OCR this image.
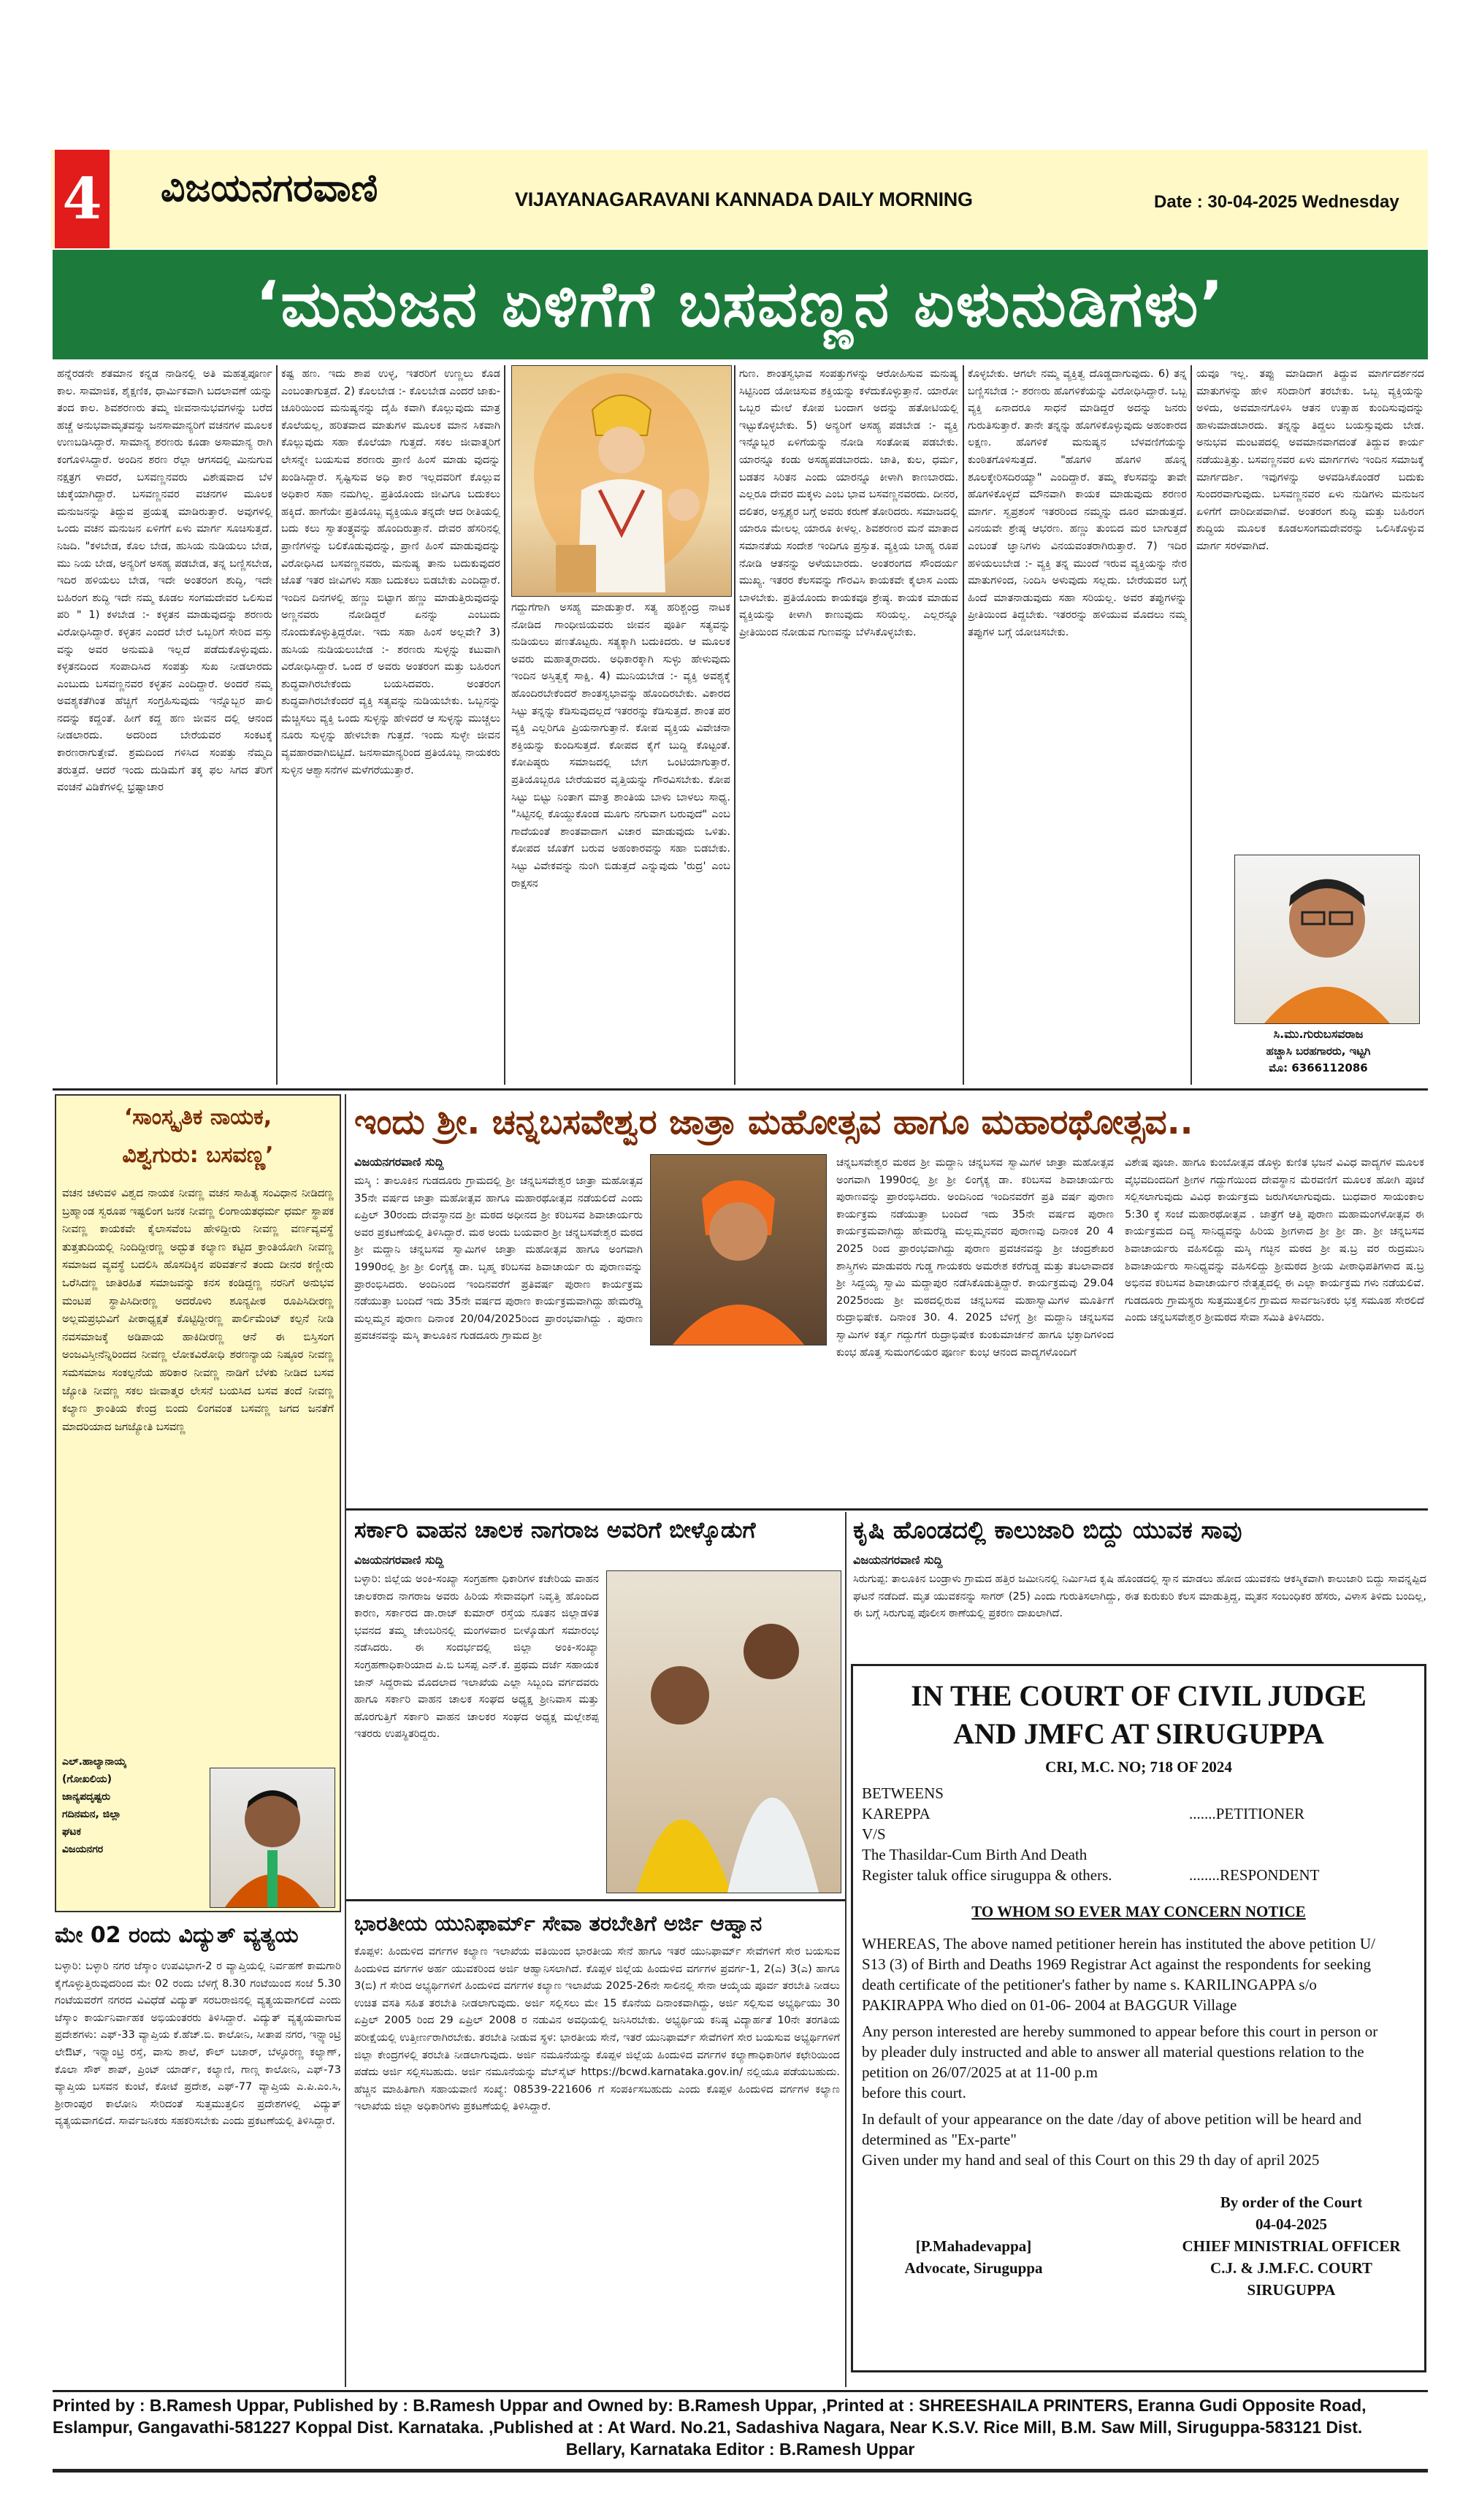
4 ವಿಜಯನಗರವಾಣಿ	VIJAYANAGARAVANI KANNADA DAILY MORNING	Date : 30-04-2025 Wednesday
‘ಮನುಜನ ಏಳಿಗೆಗೆ ಬಸವಣ್ಣನ ಏಳುನುಡಿಗಳು’
ಹನ್ನೆರಡನೇ ಶತಮಾನ ಕನ್ನಡ ನಾಡಿನಲ್ಲಿ ಅತಿ ಮಹತ್ವಪೂರ್ಣ ಕಾಲ. ಸಾಮಾಜಿಕ, ಶೈಕ್ಷಣಿಕ, ಧಾರ್ಮಿಕವಾಗಿ ಬದಲಾವಣೆ ಯನ್ನು ತಂದ ಕಾಲ. ಶಿವಶರಣರು ತಮ್ಮ ಜೀವನಾನುಭವಗಳನ್ನು ಬರೆದ ಹಚ್ಚೆ ಅನುಭವಾಮೃತವನ್ನು ಜನಸಾಮಾನ್ಯರಿಗೆ ವಚನಗಳ ಮೂಲಕ ಉಣಬಡಿಸಿದ್ದಾರೆ. ಸಾಮಾನ್ಯ ಶರಣರು ಕೂಡಾ ಅಸಾಮಾನ್ಯ ರಾಗಿ ಕಂಗೊಳಿಸಿದ್ದಾರೆ. ಅಂದಿನ ಶರಣ ರೆಲ್ಲಾ ಆಗಸದಲ್ಲಿ ಮಿನುಗುವ ನಕ್ಷತ್ರಗ ಳಾದರೆ, ಬಸವಣ್ಣನವರು ವಿಶೇಷವಾದ ಬೆಳ ಚುಕ್ಕೆಯಾಗಿದ್ದಾರೆ. ಬಸವಣ್ಣನವರ ವಚನಗಳ ಮೂಲಕ ಮನುಜನನ್ನು ತಿದ್ದುವ ಪ್ರಯತ್ನ ಮಾಡಿರುತ್ತಾರೆ. ಅವುಗಳಲ್ಲಿ ಒಂದು ವಚನ ಮನುಜನ ಏಳಿಗೆಗೆ ಏಳು ಮಾರ್ಗ ಸೂಚಿಸುತ್ತದೆ. ನಿಜದಿ. "ಕಳಬೇಡ, ಕೊಲ ಬೇಡ, ಹುಸಿಯ ನುಡಿಯಲು ಬೇಡ, ಮು ನಿಯ ಬೇಡ, ಅನ್ಯರಿಗೆ ಅಸಹ್ಯ ಪಡಬೇಡ, ತನ್ನ ಬಣ್ಣಿಸಬೇಡ, ಇದಿರ ಹಳಿಯಲು ಬೇಡ, ಇದೇ ಅಂತರಂಗ ಶುದ್ಧಿ, ಇದೇ ಬಹಿರಂಗ ಶುದ್ಧಿ ಇದೇ ನಮ್ಮ ಕೂಡಲ ಸಂಗಮದೇವರ ಒಲಿಸುವ ಪರಿ " 1) ಕಳಬೇಡ :- ಕಳ್ಳತನ ಮಾಡುವುದನ್ನು ಶರಣರು ವಿರೋಧಿಸಿದ್ದಾರೆ. ಕಳ್ಳತನ ಎಂದರೆ ಬೇರೆ ಒಬ್ಬರಿಗೆ ಸೇರಿದ ವಸ್ತು ವನ್ನು ಅವರ ಅನುಮತಿ ಇಲ್ಲದೆ ಪಡೆದುಕೊಳ್ಳುವುದು. ಕಳ್ಳತನದಿಂದ ಸಂಪಾದಿಸಿದ ಸಂಪತ್ತು ಸುಖ ನೀಡಲಾರದು ಎಂಬುದು ಬಸವಣ್ಣನವರ ಕಳ್ಳತನ ಎಂದಿದ್ದಾರೆ. ಅಂದರೆ ನಮ್ಮ ಅವಶ್ಯಕತೆಗಿಂತ ಹೆಚ್ಚಿಗೆ ಸಂಗ್ರಹಿಸುವುದು ಇನ್ನೊಬ್ಬರ ಪಾಲಿ ನದನ್ನು ಕದ್ದಂತೆ. ಹೀಗೆ ಕದ್ದ ಹಣ ಜೀವನ ದಲ್ಲಿ ಆನಂದ ನೀಡಲಾರದು. ಅದರಿಂದ ಬೇರೆಯವರ ಸಂಕಟಕ್ಕೆ ಕಾರಣರಾಗುತ್ತೇವೆ. ಶ್ರಮದಿಂದ ಗಳಿಸಿದ ಸಂಪತ್ತು ನೆಮ್ಮದಿ ತರುತ್ತದೆ. ಆದರೆ ಇಂದು ದುಡಿಮೆಗೆ ತಕ್ಕ ಫಲ ಸಿಗದ ತೆರಿಗೆ ವಂಚನೆ ವಿಡಿಕೆಗಳಲ್ಲಿ ಭ್ರಷ್ಟಾಚಾರ
ಕಷ್ಟ ಹಣ. ಇದು ಶಾಪ ಉಳ್ಳ, ಇತರರಿಗೆ ಉಣ್ಣಲು ಕೊಡ ಎಂಬಂತಾಗುತ್ತದೆ. 2) ಕೊಲಬೇಡ :- ಕೊಲಬೇಡ ಎಂದರೆ ಜಾಕು-ಚೂರಿಯಿಂದ ಮನುಷ್ಯನನ್ನು ದೈಹಿ ಕವಾಗಿ ಕೊಲ್ಲುವುದು ಮಾತ್ರ ಕೊಲೆಯಲ್ಲ, ಹರಿತವಾದ ಮಾತುಗಳ ಮೂಲಕ ಮಾನ ಸಿಕವಾಗಿ ಕೊಲ್ಲುವುದು ಸಹಾ ಕೊಲೆಯಾ ಗುತ್ತದೆ. ಸಕಲ ಜೀವಾತ್ಮರಿಗೆ ಲೇಸನ್ನೇ ಬಯಸುವ ಶರಣರು ಪ್ರಾಣಿ ಹಿಂಸೆ ಮಾಡು ವುದನ್ನು ಖಂಡಿಸಿದ್ದಾರೆ. ಸೃಷ್ಟಿಸುವ ಅಧಿ ಕಾರ ಇಲ್ಲದವರಿಗೆ ಕೊಲ್ಲುವ ಅಧಿಕಾರ ಸಹಾ ನಮಗಿಲ್ಲ. ಪ್ರತಿಯೊಂದು ಜೀವಿಗೂ ಬದುಕಲು ಹಕ್ಕಿದೆ. ಹಾಗೆಯೇ ಪ್ರತಿಯೊಬ್ಬ ವ್ಯಕ್ತಿಯೂ ತನ್ನದೇ ಆದ ರೀತಿಯಲ್ಲಿ ಬದು ಕಲು ಸ್ವಾತಂತ್ರ್ಯವನ್ನು ಹೊಂದಿರುತ್ತಾನೆ. ದೇವರ ಹೆಸರಿನಲ್ಲಿ ಪ್ರಾಣಿಗಳನ್ನು ಬಲಿಕೊಡುವುದನ್ನು, ಪ್ರಾಣಿ ಹಿಂಸೆ ಮಾಡುವುದನ್ನು ವಿರೋಧಿಸಿದ ಬಸವಣ್ಣನವರು, ಮನುಷ್ಯ ತಾನು ಬದುಕುವುದರ ಜೊತೆ ಇತರ ಜೀವಿಗಳು ಸಹಾ ಬದುಕಲು ಬಿಡಬೇಕು ಎಂದಿದ್ದಾರೆ. ಇಂದಿನ ದಿನಗಳಲ್ಲಿ ಹಣ್ಣು ಬಿಟ್ಟಾಗ ಹಣ್ಣು ಮಾಡುತ್ತಿರುವುದನ್ನು ಅಣ್ಣನವರು ನೋಡಿದ್ದರೆ ಏನನ್ನು ಎಂಬುದು ನೊಂದುಕೊಳ್ಳುತ್ತಿದ್ದರೋ. ಇದು ಸಹಾ ಹಿಂಸೆ ಅಲ್ಲವೇ? 3) ಹುಸಿಯ ನುಡಿಯಲುಬೇಡ :- ಶರಣರು ಸುಳ್ಳನ್ನು ಕಟುವಾಗಿ ವಿರೋಧಿಸಿದ್ದಾರೆ. ಒಂದ ರೆ ಅವರು ಅಂತರಂಗ ಮತ್ತು ಬಹಿರಂಗ ಶುದ್ಧವಾಗಿರಬೇಕೆಂದು ಬಯಸಿದವರು. ಅಂತರಂಗ ಶುದ್ಧವಾಗಿರಬೇಕೆಂದರೆ ವ್ಯಕ್ತಿ ಸತ್ಯವನ್ನು ನುಡಿಯಬೇಕು. ಒಬ್ಬನನ್ನು ಮೆಚ್ಚಿಸಲು ವ್ಯಕ್ತಿ ಒಂದು ಸುಳ್ಳನ್ನು ಹೇಳಿದರೆ ಆ ಸುಳ್ಳನ್ನು ಮುಚ್ಚಲು ನೂರು ಸುಳ್ಳನ್ನು ಹೇಳಬೇಕಾ ಗುತ್ತದೆ. ಇಂದು ಸುಳ್ಳೇ ಜೀವನ ವ್ಯವಹಾರವಾಗಿಬಿಟ್ಟಿದೆ. ಜನಸಾಮಾನ್ಯರಿಂದ ಪ್ರತಿಯೊಬ್ಬ ನಾಯಕರು ಸುಳ್ಳಿನ ಆಶ್ವಾಸನೆಗಳ ಮಳೆಗರೆಯುತ್ತಾರೆ.
ಗದ್ದುಗೆಗಾಗಿ ಅಸಹ್ಯ ಮಾಡುತ್ತಾರೆ. ಸತ್ಯ ಹರಿಶ್ಚಂದ್ರ ನಾಟಕ ನೋಡಿದ ಗಾಂಧೀಜಿಯವರು ಜೀವನ ಪೂರ್ತಿ ಸತ್ಯವನ್ನು ನುಡಿಯಲು ಪಣತೊಟ್ಟರು. ಸತ್ಯಕ್ಕಾಗಿ ಬದುಕಿದರು. ಆ ಮೂಲಕ ಅವರು ಮಹಾತ್ಮರಾದರು. ಅಧಿಕಾರಕ್ಕಾಗಿ ಸುಳ್ಳು ಹೇಳುವುದು ಇಂದಿನ ಅಸ್ತಿತ್ವಕ್ಕೆ ಸಾಕ್ಷಿ. 4) ಮುನಿಯಬೇಡ :- ವ್ಯಕ್ತಿ ಅವಶ್ಯಕ್ಕೆ ಹೊಂದಿರಬೇಕೆಂದರೆ ಶಾಂತಸ್ವಭಾವನ್ನು ಹೊಂದಿರಬೇಕು. ವಿಕಾರದ ಸಿಟ್ಟು ತನ್ನನ್ನು ಕೆಡಿಸುವುದಲ್ಲದೆ ಇತರರನ್ನು ಕೆಡಿಸುತ್ತದೆ. ಶಾಂತ ಪರ ವ್ಯಕ್ತಿ ಎಲ್ಲರಿಗೂ ಪ್ರಿಯನಾಗುತ್ತಾನೆ. ಕೋಪ ವ್ಯಕ್ತಿಯ ವಿವೇಚನಾ ಶಕ್ತಿಯನ್ನು ಕುಂದಿಸುತ್ತದೆ. ಕೋಪದ ಕೈಗೆ ಬುದ್ದಿ ಕೊಟ್ಟಂತೆ. ಕೋಪಿಷ್ಠರು ಸಮಾಜದಲ್ಲಿ ಬೇಗ ಒಂಟಿಯಾಗುತ್ತಾರೆ. ಪ್ರತಿಯೊಬ್ಬರೂ ಬೇರೆಯವರ ವೃತ್ತಿಯನ್ನು ಗೌರವಿಸಬೇಕು. ಕೋಪ ಸಿಟ್ಟು ಬಿಟ್ಟು ನಿಂತಾಗ ಮಾತ್ರ ಶಾಂತಿಯ ಬಾಳು ಬಾಳಲು ಸಾಧ್ಯ. "ಸಿಟ್ಟಿನಲ್ಲಿ ಕೊಯ್ದುಕೊಂಡ ಮೂಗು ನಗುವಾಗ ಬರುವುದೆ" ಎಂಬ ಗಾದೆಯಂತೆ ಶಾಂತವಾದಾಗ ವಿಚಾರ ಮಾಡುವುದು ಒಳಿತು. ಕೋಪದ ಜೊತೆಗೆ ಬರುವ ಅಹಂಕಾರವನ್ನು ಸಹಾ ಬಿಡಬೇಕು. ಸಿಟ್ಟು ವಿವೇಕವನ್ನು ನುಂಗಿ ಬಿಡುತ್ತದೆ ಎನ್ನುವುದು 'ರುದ್ರ' ಎಂಬ ರಾಕ್ಷಸನ
ಗುಣ. ಶಾಂತಸ್ವಭಾವ ಸಂಪತ್ತುಗಳನ್ನು ಆರೋಹಿಸುವ ಮನುಷ್ಯ ಸಿಟ್ಟಿನಿಂದ ಯೋಚಿಸುವ ಶಕ್ತಿಯನ್ನು ಕಳೆದುಕೊಳ್ಳುತ್ತಾನೆ. ಯಾರೋ ಒಬ್ಬರ ಮೇಲೆ ಕೋಪ ಬಂದಾಗ ಅದನ್ನು ಹತೋಟಿಯಲ್ಲಿ ಇಟ್ಟುಕೊಳ್ಳಬೇಕು. 5) ಅನ್ಯರಿಗೆ ಅಸಹ್ಯ ಪಡಬೇಡ :- ವ್ಯಕ್ತಿ ಇನ್ನೊಬ್ಬರ ಏಳಿಗೆಯನ್ನು ನೋಡಿ ಸಂತೋಷ ಪಡಬೇಕು. ಯಾರನ್ನೂ ಕಂಡು ಅಸಹ್ಯಪಡಬಾರದು. ಜಾತಿ, ಕುಲ, ಧರ್ಮ, ಬಡತನ ಸಿರಿತನ ಎಂದು ಯಾರನ್ನೂ ಕೀಳಾಗಿ ಕಾಣಬಾರದು. ಎಲ್ಲರೂ ದೇವರ ಮಕ್ಕಳು ಎಂಬ ಭಾವ ಬಸವಣ್ಣನವರದು. ದೀನರ, ದಲಿತರ, ಅಸ್ಪೃಶ್ಯರ ಬಗ್ಗೆ ಅವರು ಕರುಣೆ ತೋರಿದರು. ಸಮಾಜದಲ್ಲಿ ಯಾರೂ ಮೇಲಲ್ಲ ಯಾರೂ ಕೀಳಲ್ಲ. ಶಿವಶರಣರ ಮನೆ ಮಾತಾದ ಸಮಾನತೆಯ ಸಂದೇಶ ಇಂದಿಗೂ ಪ್ರಸ್ತುತ. ವ್ಯಕ್ತಿಯ ಬಾಹ್ಯ ರೂಪ ನೋಡಿ ಆತನನ್ನು ಅಳೆಯಬಾರದು. ಅಂತರಂಗದ ಸೌಂದರ್ಯ ಮುಖ್ಯ. ಇತರರ ಕೆಲಸವನ್ನು ಗೌರವಿಸಿ ಕಾಯಕವೇ ಕೈಲಾಸ ಎಂದು ಬಾಳಬೇಕು. ಪ್ರತಿಯೊಂದು ಕಾಯಕವೂ ಶ್ರೇಷ್ಠ. ಕಾಯಕ ಮಾಡುವ ವ್ಯಕ್ತಿಯನ್ನು ಕೀಳಾಗಿ ಕಾಣುವುದು ಸರಿಯಲ್ಲ. ಎಲ್ಲರನ್ನೂ ಪ್ರೀತಿಯಿಂದ ನೋಡುವ ಗುಣವನ್ನು ಬೆಳೆಸಿಕೊಳ್ಳಬೇಕು.
ಕೊಳ್ಳಬೇಕು. ಆಗಲೇ ನಮ್ಮ ವ್ಯಕ್ತಿತ್ವ ದೊಡ್ಡದಾಗುವುದು. 6) ತನ್ನ ಬಣ್ಣಿಸಬೇಡ :- ಶರಣರು ಹೊಗಳಿಕೆಯನ್ನು ವಿರೋಧಿಸಿದ್ದಾರೆ. ಒಬ್ಬ ವ್ಯಕ್ತಿ ಏನಾದರೂ ಸಾಧನೆ ಮಾಡಿದ್ದರೆ ಅದನ್ನು ಜನರು ಗುರುತಿಸುತ್ತಾರೆ. ತಾನೇ ತನ್ನನ್ನು ಹೊಗಳಿಕೊಳ್ಳುವುದು ಅಹಂಕಾರದ ಲಕ್ಷಣ. ಹೊಗಳಿಕೆ ಮನುಷ್ಯನ ಬೆಳವಣಿಗೆಯನ್ನು ಕುಂಠಿತಗೊಳಿಸುತ್ತದೆ. "ಹೊಗಳಿ ಹೊಗಳಿ ಹೊನ್ನ ಶೂಲಕ್ಕೇರಿಸದಿರಯ್ಯಾ" ಎಂದಿದ್ದಾರೆ. ತಮ್ಮ ಕೆಲಸವನ್ನು ತಾವೇ ಹೊಗಳಿಕೊಳ್ಳದೆ ಮೌನವಾಗಿ ಕಾಯಕ ಮಾಡುವುದು ಶರಣರ ಮಾರ್ಗ. ಸ್ವಪ್ರಶಂಸೆ ಇತರರಿಂದ ನಮ್ಮನ್ನು ದೂರ ಮಾಡುತ್ತದೆ. ವಿನಯವೇ ಶ್ರೇಷ್ಠ ಆಭರಣ. ಹಣ್ಣು ತುಂಬಿದ ಮರ ಬಾಗುತ್ತದೆ ಎಂಬಂತೆ ಜ್ಞಾನಿಗಳು ವಿನಯವಂತರಾಗಿರುತ್ತಾರೆ. 7) ಇದಿರ ಹಳಿಯಲುಬೇಡ :- ವ್ಯಕ್ತಿ ತನ್ನ ಮುಂದೆ ಇರುವ ವ್ಯಕ್ತಿಯನ್ನು ನೇರ ಮಾತುಗಳಿಂದ, ನಿಂದಿಸಿ ಅಳುವುದು ಸಲ್ಲದು. ಬೇರೆಯವರ ಬಗ್ಗೆ ಹಿಂದೆ ಮಾತನಾಡುವುದು ಸಹಾ ಸರಿಯಲ್ಲ. ಅವರ ತಪ್ಪುಗಳನ್ನು ಪ್ರೀತಿಯಿಂದ ತಿದ್ದಬೇಕು. ಇತರರನ್ನು ಹಳಿಯುವ ಮೊದಲು ನಮ್ಮ ತಪ್ಪುಗಳ ಬಗ್ಗೆ ಯೋಚಿಸಬೇಕು.
ಯವೂ ಇಲ್ಲ. ತಪ್ಪು ಮಾಡಿದಾಗ ತಿದ್ದುವ ಮಾರ್ಗದರ್ಶನದ ಮಾತುಗಳನ್ನು ಹೇಳಿ ಸರಿದಾರಿಗೆ ತರಬೇಕು. ಒಬ್ಬ ವ್ಯಕ್ತಿಯನ್ನು ಅಳಿದು, ಅವಮಾನಗೊಳಿಸಿ ಆತನ ಉತ್ಸಾಹ ಕುಂದಿಸುವುದನ್ನು ಹಾಳುಮಾಡಬಾರದು. ತನ್ನನ್ನು ತಿದ್ದಲು ಬಯಸ್ಸುವುದು ಬೇಡ. ಅನುಭವ ಮಂಟಪದಲ್ಲಿ ಅವಮಾನವಾಗದಂತೆ ತಿದ್ದುವ ಕಾರ್ಯ ನಡೆಯುತ್ತಿತ್ತು. ಬಸವಣ್ಣನವರ ಏಳು ಮಾರ್ಗಗಳು ಇಂದಿನ ಸಮಾಜಕ್ಕೆ ಮಾರ್ಗದರ್ಶಿ. ಇವುಗಳನ್ನು ಅಳವಡಿಸಿಕೊಂಡರೆ ಬದುಕು ಸುಂದರವಾಗುವುದು. ಬಸವಣ್ಣನವರ ಏಳು ನುಡಿಗಳು ಮನುಜನ ಏಳಿಗೆಗೆ ದಾರಿದೀಪವಾಗಿವೆ. ಅಂತರಂಗ ಶುದ್ಧಿ ಮತ್ತು ಬಹಿರಂಗ ಶುದ್ಧಿಯ ಮೂಲಕ ಕೂಡಲಸಂಗಮದೇವರನ್ನು ಒಲಿಸಿಕೊಳ್ಳುವ ಮಾರ್ಗ ಸರಳವಾಗಿದೆ.
ಸಿ.ಮು.ಗುರುಬಸವರಾಜ
ಹಚ್ಚಾಸಿ ಬರಹಗಾರರು, ಇಟ್ಟಗಿ
ಮೊ: 6366112086
‘ಸಾಂಸ್ಕೃತಿಕ ನಾಯಕ,
ವಿಶ್ವಗುರು: ಬಸವಣ್ಣ’
ವಚನ ಚಳುವಳಿ ವಿಶ್ವದ ನಾಯಕ ನೀವಣ್ಣ ವಚನ ಸಾಹಿತ್ಯ ಸಂವಿಧಾನ ನೀಡಿದಣ್ಣ ಬ್ರಹ್ಮಾಂಡ ಸ್ವರೂಪ ಇಷ್ಟಲಿಂಗ ಜನಕ ನೀವಣ್ಣ ಲಿಂಗಾಯತಧರ್ಮ ಧರ್ಮ ಸ್ಥಾಪಕ ನೀವಣ್ಣ ಕಾಯಕವೇ ಕೈಲಾಸವೆಂಬ ಹೇಳಿದ್ದೀರು ನೀವಣ್ಣ ವರ್ಣವ್ಯವಸ್ಥೆ ತುತ್ತತುದಿಯಲ್ಲಿ ನಿಂದಿದ್ದೀರಣ್ಣ ಅದ್ಭುತ ಕಲ್ಯಾಣ ಕಟ್ಟಿದ ಕ್ರಾಂತಿಯೋಗಿ ನೀವಣ್ಣ ಸಮಾಜದ ವ್ಯವಸ್ಥೆ ಬದಲಿಸಿ ಹೊಸದಿಕ್ಕಿನ ಪರಿವರ್ತನೆ ತಂದು ದೀನರ ಕಣ್ಣೀರು ಒರೆಸಿದಣ್ಣ ಜಾತಿರಹಿತ ಸಮಾಜವನ್ನು ಕನಸ ಕಂಡಿದ್ದಣ್ಣ ನರನಿಗೆ ಅನುಭವ ಮಂಟಪ ಸ್ಥಾಪಿಸಿದೀರಣ್ಣ ಅದರೊಳು ಶೂನ್ಯಪೀಠ ರೂಪಿಸಿದೀರಣ್ಣ ಅಲ್ಲಮಪ್ರಭುವಿಗೆ ಪೀಠಾಧ್ಯಕ್ಷತೆ ಕೊಟ್ಟಿದ್ದೀರಣ್ಣ ಪಾರ್ಲಿಮೆಂಟ್ ಕಲ್ಪನೆ ನೀಡಿ ನವಸಮಾಜಕ್ಕೆ ಅಡಿಪಾಯ ಹಾಕಿದೀರಣ್ಣ ಆನೆ ಈ ಬಿಸ್ತಿಸಂಗ ಅಂಜವಿಸ್ತೀನೆನ್ನಿರಿಂದದ ನೀವಣ್ಣ ಲೋಕವಿರೋಧಿ ಶರಣನ್ಯಾಯ ನಿಷ್ಠೂರ ನೀವಣ್ಣ ಸಮಸಮಾಜ ಸಂಕಲ್ಪನೆಯ ಹರಿಕಾರ ನೀವಣ್ಣ ನಾಡಿಗೆ ಬೆಳಕು ನೀಡಿದ ಬಸವ ಜ್ಯೋತಿ ನೀವಣ್ಣ ಸಕಲ ಜೀವಾತ್ಮರ ಲೇಸನೆ ಬಯಸಿದ ಬಸವ ತಂದೆ ನೀವಣ್ಣ ಕಲ್ಯಾಣ ಕ್ರಾಂತಿಯ ಕೇಂದ್ರ ಬಿಂದು ಲಿಂಗವಂತ ಬಸವಣ್ಣ ಜಗದ ಜನತೆಗೆ ಮಾದರಿಯಾದ ಜಗಜ್ಯೋತಿ ಬಸವಣ್ಣ
ಎಲ್.ಹಾಲ್ಯಾನಾಯ್ಕ
(ಗೋಖಲಿಯ)
ಜಾನ್ಯಪದೃಷ್ಟರು
ಗದಿನಮನ, ಜಿಲ್ಲಾ
ಘಟಕ
ವಿಜಯನಗರ
ಮೇ 02 ರಂದು ವಿದ್ಯುತ್ ವ್ಯತ್ಯಯ
ಬಳ್ಳಾರಿ: ಬಳ್ಳಾರಿ ನಗರ ಜೆಸ್ಕಾಂ ಉಪವಿಭಾಗ-2 ರ ವ್ಯಾಪ್ತಿಯಲ್ಲಿ ನಿರ್ವಹಣೆ ಕಾಮಗಾರಿ ಕೈಗೊಳ್ಳುತ್ತಿರುವುದರಿಂದ ಮೇ 02 ರಂದು ಬೆಳಗ್ಗೆ 8.30 ಗಂಟೆಯಿಂದ ಸಂಜೆ 5.30 ಗಂಟೆಯವರೆಗೆ ನಗರದ ವಿವಿಧೆಡೆ ವಿದ್ಯುತ್ ಸರಬರಾಜಿನಲ್ಲಿ ವ್ಯತ್ಯಯವಾಗಲಿದೆ ಎಂದು ಜೆಸ್ಕಾಂ ಕಾರ್ಯನಿರ್ವಾಹಕ ಅಭಿಯಂತರರು ತಿಳಿಸಿದ್ದಾರೆ. ವಿದ್ಯುತ್ ವ್ಯತ್ಯಯವಾಗುವ ಪ್ರದೇಶಗಳು: ಎಫ್-33 ವ್ಯಾಪ್ತಿಯ ಕೆ.ಹೆಚ್.ಬಿ. ಕಾಲೋನಿ, ಸೀತಾಪ ನಗರ, ಇನ್ಫ್ಯಾಂಟ್ರಿ ಲೇಔಟ್, ಇನ್ಫ್ಯಾಂಟ್ರಿ ರಸ್ತೆ, ವಾಸು ಶಾಲೆ, ಕೌಲ್ ಬಜಾರ್, ಬೆಳ್ಳೂರಣ್ಣ ಕಲ್ಯಾಣ್, ಕೊಲಾ ಸೌಕ್ ಶಾಪ್, ಪ್ರಿಂಟ್ ಯಾರ್ಡ್, ಕಲ್ಯಾಣಿ, ಗಾಣ್ಗ ಕಾಲೋನಿ, ಎಫ್-73 ವ್ಯಾಪ್ತಿಯ ಬಸವನ ಕುಂಟೆ, ಕೋಟೆ ಪ್ರದೇಶ, ಎಫ್-77 ವ್ಯಾಪ್ತಿಯ ಎ.ಪಿ.ಎಂ.ಸಿ, ಶ್ರೀರಾಂಪುರ ಕಾಲೋನಿ ಸೇರಿದಂತೆ ಸುತ್ತಮುತ್ತಲಿನ ಪ್ರದೇಶಗಳಲ್ಲಿ ವಿದ್ಯುತ್ ವ್ಯತ್ಯಯವಾಗಲಿದೆ. ಸಾರ್ವಜನಿಕರು ಸಹಕರಿಸಬೇಕು ಎಂದು ಪ್ರಕಟಣೆಯಲ್ಲಿ ತಿಳಿಸಿದ್ದಾರೆ.
ಇಂದು ಶ್ರೀ. ಚನ್ನಬಸವೇಶ್ವರ ಜಾತ್ರಾ ಮಹೋತ್ಸವ ಹಾಗೂ ಮಹಾರಥೋತ್ಸವ..
ವಿಜಯನಗರವಾಣಿ ಸುದ್ದಿ
ಮಸ್ಕಿ : ತಾಲೂಕಿನ ಗುಡದೂರು ಗ್ರಾಮದಲ್ಲಿ ಶ್ರೀ ಚನ್ನಬಸವೇಶ್ವರ ಜಾತ್ರಾ ಮಹೋತ್ಸವ 35ನೇ ವರ್ಷದ ಜಾತ್ರಾ ಮಹೋತ್ಸವ ಹಾಗೂ ಮಹಾರಥೋತ್ಸವ ನಡೆಯಲಿದೆ ಎಂದು ಏಪ್ರಿಲ್ 30ರಂದು ದೇವಸ್ಥಾನದ ಶ್ರೀ ಮಠದ ಅಧೀನದ ಶ್ರೀ ಕರಿಬಸವ ಶಿವಾಚಾರ್ಯರು ಅವರ ಪ್ರಕಟಣೆಯಲ್ಲಿ ತಿಳಿಸಿದ್ದಾರೆ. ಮಠ ಅಂದು ಬಯವಾರ ಶ್ರೀ ಚನ್ನಬಸವೇಶ್ವರ ಮಠದ ಶ್ರೀ ಮದ್ದಾನಿ ಚನ್ನಬಸವ ಸ್ವಾಮಿಗಳ ಜಾತ್ರಾ ಮಹೋತ್ಸವ ಹಾಗೂ ಅಂಗವಾಗಿ 1990ರಲ್ಲಿ ಶ್ರೀ ಶ್ರೀ ಲಿಂಗೈಕ್ಯ ಡಾ. ಬೃಹ್ಮ ಕರಿಬಸವ ಶಿವಾಚಾರ್ಯ ರು ಪುರಾಣವನ್ನು ಪ್ರಾರಂಭಿಸಿದರು. ಅಂದಿನಿಂದ ಇಂದಿನವರೆಗೆ ಪ್ರತಿವರ್ಷ ಪುರಾಣ ಕಾರ್ಯಕ್ರಮ ನಡೆಯುತ್ತಾ ಬಂದಿದೆ ಇದು 35ನೇ ವರ್ಷದ ಪುರಾಣ ಕಾರ್ಯಕ್ರಮವಾಗಿದ್ದು ಹೇಮರೆಡ್ಡಿ ಮಲ್ಲಮ್ಮನ ಪುರಾಣ ದಿನಾಂಕ 20/04/2025ರಿಂದ ಪ್ರಾರಂಭವಾಗಿದ್ದು . ಪುರಾಣ ಪ್ರವಚನವನ್ನು ಮಸ್ಕಿ ತಾಲೂಕಿನ ಗುಡದೂರು ಗ್ರಾಮದ ಶ್ರೀ
ಚನ್ನಬಸವೇಶ್ವರ ಮಠದ ಶ್ರೀ ಮದ್ದಾನಿ ಚನ್ನಬಸವ ಸ್ವಾಮಿಗಳ ಜಾತ್ರಾ ಮಹೋತ್ಸವ ಅಂಗವಾಗಿ 1990ರಲ್ಲಿ ಶ್ರೀ ಶ್ರೀ ಲಿಂಗೈಕ್ಯ ಡಾ. ಕರಿಬಸವ ಶಿವಾಚಾರ್ಯರು ಪುರಾಣವನ್ನು ಪ್ರಾರಂಭಿಸಿದರು. ಅಂದಿನಿಂದ ಇಂದಿನವರೆಗೆ ಪ್ರತಿ ವರ್ಷ ಪುರಾಣ ಕಾರ್ಯಕ್ರಮ ನಡೆಯುತ್ತಾ ಬಂದಿದೆ ಇದು 35ನೇ ವರ್ಷದ ಪುರಾಣ ಕಾರ್ಯಕ್ರಮವಾಗಿದ್ದು ಹೇಮರೆಡ್ಡಿ ಮಲ್ಲಮ್ಮನವರ ಪುರಾಣವು ದಿನಾಂಕ 20 4 2025 ರಿಂದ ಪ್ರಾರಂಭವಾಗಿದ್ದು ಪುರಾಣ ಪ್ರವಚನವನ್ನು ಶ್ರೀ ಚಂದ್ರಶೇಖರ ಶಾಸ್ತ್ರಿಗಳು ಮಾಡುವರು ಗುಡ್ಡ ಗಾಯಕರು ಅಮರೇಶ ಕರೆಗುಡ್ಡ ಮತ್ತು ತಬಲಾವಾದಕ ಶ್ರೀ ಸಿದ್ದಯ್ಯ ಸ್ವಾಮಿ ಮದ್ದಾಪುರ ನಡೆಸಿಕೊಡುತ್ತಿದ್ದಾರೆ. ಕಾರ್ಯಕ್ರಮವು 29.04 2025ರಂದು ಶ್ರೀ ಮಠದಲ್ಲಿರುವ ಚನ್ನಬಸವ ಮಹಾಸ್ವಾಮಿಗಳ ಮೂರ್ತಿಗೆ ರುದ್ರಾಭಿಷೇಕ. ದಿನಾಂಕ 30. 4. 2025 ಬೆಳಿಗ್ಗೆ ಶ್ರೀ ಮದ್ದಾನಿ ಚನ್ನಬಸವ ಸ್ವಾಮಿಗಳ ಕರ್ತೃ ಗದ್ದುಗೆಗೆ ರುದ್ರಾಭಿಷೇಕ ಕುಂಕುಮಾರ್ಚನೆ ಹಾಗೂ ಭಕ್ತಾದಿಗಳಿಂದ ಕುಂಭ ಹೊತ್ತ ಸುಮಂಗಲಿಯರ ಪೂರ್ಣ ಕುಂಭ ಆನಂದ ವಾದ್ಯಗಳೊಂದಿಗೆ
ವಿಶೇಷ ಪೂಜಾ. ಹಾಗೂ ಕುಂಬೋತ್ಸವ ಡೊಳ್ಳು ಕುಣಿತ ಭಜನೆ ವಿವಿಧ ವಾದ್ಯಗಳ ಮೂಲಕ ವೈಭವದಿಂದದಿಗೆ ಶ್ರೀಗಳ ಗದ್ದುಗೆಯಿಂದ ದೇವಸ್ಥಾನ ಮೆರವಣಿಗೆ ಮೂಲಕ ಹೋಗಿ ಪೂಜೆ ಸಲ್ಲಿಸಲಾಗುವುದು ವಿವಿಧ ಕಾರ್ಯಕ್ರಮ ಜರುಗಿಸಲಾಗುವುದು. ಬುಧವಾರ ಸಾಯಂಕಾಲ 5:30 ಕ್ಕೆ ಸಂಜೆ ಮಹಾರಥೋತ್ಸವ . ಜಾತ್ರೆಗೆ ಆತ್ತಿ ಪುರಾಣ ಮಹಾಮಂಗಳೋತ್ಸವ ಈ ಕಾರ್ಯಕ್ರಮದ ದಿವ್ಯ ಸಾನಿಧ್ಯವನ್ನು ಹಿರಿಯ ಶ್ರೀಗಳಾದ ಶ್ರೀ ಶ್ರೀ ಡಾ. ಶ್ರೀ ಚನ್ನಬಸವ ಶಿವಾಚಾರ್ಯರು ವಹಿಸಲಿದ್ದು ಮಸ್ಕಿ ಗಚ್ಛಿನ ಮಠದ ಶ್ರೀ ಷ.ಬ್ರ ವರ ರುದ್ರಮುನಿ ಶಿವಾಚಾರ್ಯರು ಸಾನಿಧ್ಯವನ್ನು ವಹಿಸಲಿದ್ದು ಶ್ರೀಮಠದ ಶ್ರೀಯ ಪೀಠಾಧಿಪತಿಗಳಾದ ಷ.ಬ್ರ ಅಭಿನವ ಕರಿಬಸವ ಶಿವಾಚಾರ್ಯರ ನೇತೃತ್ವದಲ್ಲಿ ಈ ಎಲ್ಲಾ ಕಾರ್ಯಕ್ರಮ ಗಳು ನಡೆಯಲಿವೆ. ಗುಡದೂರು ಗ್ರಾಮಸ್ಥರು ಸುತ್ತಮುತ್ತಲಿನ ಗ್ರಾಮದ ಸಾರ್ವಜನಿಕರು ಭಕ್ತ ಸಮೂಹ ಸೇರಲಿದೆ ಎಂದು ಚನ್ನಬಸವೇಶ್ವರ ಶ್ರೀಮಠದ ಸೇವಾ ಸಮಿತಿ ತಿಳಿಸಿದರು.
ಸರ್ಕಾರಿ ವಾಹನ ಚಾಲಕ ನಾಗರಾಜ ಅವರಿಗೆ ಬೀಳ್ಕೊಡುಗೆ
ವಿಜಯನಗರವಾಣಿ ಸುದ್ದಿ
ಬಳ್ಳಾರಿ: ಜಿಲ್ಲೆಯ ಅಂಕಿ-ಸಂಖ್ಯಾ ಸಂಗ್ರಹಣಾ ಧಿಕಾರಿಗಳ ಕಚೇರಿಯ ವಾಹನ ಚಾಲಕರಾದ ನಾಗರಾಜ ಅವರು ಹಿರಿಯ ಸೇವಾವಧಿಗೆ ನಿವೃತ್ತಿ ಹೊಂದಿದ ಕಾರಣ, ಸರ್ಕಾರದ ಡಾ.ರಾಜ್ ಕುಮಾರ್ ರಸ್ತೆಯ ನೂತನ ಜಿಲ್ಲಾಡಳಿತ ಭವನದ ತಮ್ಮ ಚೇಂಬರಿನಲ್ಲಿ ಮಂಗಳವಾರ ಬೀಳ್ಕೊಡುಗೆ ಸಮಾರಂಭ ನಡೆಸಿದರು. ಈ ಸಂದರ್ಭದಲ್ಲಿ ಜಿಲ್ಲಾ ಅಂಕಿ-ಸಂಖ್ಯಾ ಸಂಗ್ರಹಣಾಧಿಕಾರಿಯಾದ ಪಿ.ಬಿ ಬಸಪ್ಪ ಎನ್.ಕೆ. ಪ್ರಥಮ ದರ್ಜೆ ಸಹಾಯಕ ಜಾನ್ ಸಿದ್ದರಾಮ ಮೊದಲಾದ ಇಲಾಖೆಯ ಎಲ್ಲಾ ಸಿಬ್ಬಂದಿ ವರ್ಗದವರು ಹಾಗೂ ಸರ್ಕಾರಿ ವಾಹನ ಚಾಲಕ ಸಂಘದ ಅಧ್ಯಕ್ಷ ಶ್ರೀನಿವಾಸ ಮತ್ತು ಹೊರಗುತ್ತಿಗೆ ಸರ್ಕಾರಿ ವಾಹನ ಚಾಲಕರ ಸಂಘದ ಅಧ್ಯಕ್ಷ ಮಲ್ಲೇಶಪ್ಪ ಇತರರು ಉಪಸ್ಥಿತರಿದ್ದರು.
ಕೃಷಿ ಹೊಂಡದಲ್ಲಿ ಕಾಲುಜಾರಿ ಬಿದ್ದು ಯುವಕ ಸಾವು
ವಿಜಯನಗರವಾಣಿ ಸುದ್ದಿ
ಸಿರುಗುಪ್ಪ: ತಾಲೂಕಿನ ಬಂಡ್ರಾಳು ಗ್ರಾಮದ ಹತ್ತಿರ ಜಮೀನಿನಲ್ಲಿ ನಿರ್ಮಿಸಿದ ಕೃಷಿ ಹೊಂಡದಲ್ಲಿ ಸ್ನಾನ ಮಾಡಲು ಹೋದ ಯುವಕನು ಆಕಸ್ಮಿಕವಾಗಿ ಕಾಲುಜಾರಿ ಬಿದ್ದು ಸಾವನ್ನಪ್ಪಿದ ಘಟನೆ ನಡೆದಿದೆ. ಮೃತ ಯುವಕನನ್ನು ಸಾಗರ್ (25) ಎಂದು ಗುರುತಿಸಲಾಗಿದ್ದು, ಈತ ಕುರುಕುರಿ ಕೆಲಸ ಮಾಡುತ್ತಿದ್ದ, ಮೃತನ ಸಂಬಂಧಿಕರ ಹೆಸರು, ವಿಳಾಸ ತಿಳಿದು ಬಂದಿಲ್ಲ, ಈ ಬಗ್ಗೆ ಸಿರುಗುಪ್ಪ ಪೊಲೀಸ ಠಾಣೆಯಲ್ಲಿ ಪ್ರಕರಣ ದಾಖಲಾಗಿದೆ.
IN THE COURT OF CIVIL JUDGE
AND JMFC AT SIRUGUPPA
CRI, M.C. NO; 718 OF 2024
BETWEENS
KAREPPA	.......PETITIONER
V/S
The Thasildar-Cum Birth And Death
Register taluk office siruguppa & others.	........RESPONDENT
TO WHOM SO EVER MAY CONCERN NOTICE
WHEREAS, The above named petitioner herein has instituted the above petition U/
S13 (3) of Birth and Deaths 1969 Registrar Act against the respondents for seeking
death certificate of the petitioner's father by name s. KARILINGAPPA s/o
PAKIRAPPA Who died on 01-06- 2004 at BAGGUR Village
Any person interested are hereby summoned to appear before this court in person or
by pleader duly instructed and able to answer all material questions relation to the
petition on 26/07/2025 at at 11-00 p.m
before this court.
In default of your appearance on the date /day of above petition will be heard and
determined as "Ex-parte"
Given under my hand and seal of this Court on this 29 th day of april 2025
By order of the Court
04-04-2025
[P.Mahadevappa]	CHIEF MINISTRIAL OFFICER
Advocate, Siruguppa	C.J. & J.M.F.C. COURT
SIRUGUPPA
ಭಾರತೀಯ ಯುನಿಫಾರ್ಮ್ ಸೇವಾ ತರಬೇತಿಗೆ ಅರ್ಜಿ ಆಹ್ವಾನ
ಕೊಪ್ಪಳ: ಹಿಂದುಳಿದ ವರ್ಗಗಳ ಕಲ್ಯಾಣ ಇಲಾಖೆಯ ವತಿಯಿಂದ ಭಾರತೀಯ ಸೇನೆ ಹಾಗೂ ಇತರೆ ಯುನಿಫಾರ್ಮ್ ಸೇವೆಗಳಿಗೆ ಸೇರ ಬಯಸುವ ಹಿಂದುಳಿದ ವರ್ಗಗಳ ಅರ್ಹ ಯುವಕರಿಂದ ಅರ್ಜಿ ಆಹ್ವಾನಿಸಲಾಗಿದೆ. ಕೊಪ್ಪಳ ಜಿಲ್ಲೆಯ ಹಿಂದುಳಿದ ವರ್ಗಗಳ ಪ್ರವರ್ಗ-1, 2(ಎ) 3(ಎ) ಹಾಗೂ 3(ಬಿ) ಗೆ ಸೇರಿದ ಅಭ್ಯರ್ಥಿಗಳಿಗೆ ಹಿಂದುಳಿದ ವರ್ಗಗಳ ಕಲ್ಯಾಣ ಇಲಾಖೆಯ 2025-26ನೇ ಸಾಲಿನಲ್ಲಿ ಸೇನಾ ಆಯ್ಕೆಯ ಪೂರ್ವ ತರಬೇತಿ ನೀಡಲು ಉಚಿತ ವಸತಿ ಸಹಿತ ತರಬೇತಿ ನೀಡಲಾಗುವುದು. ಅರ್ಜಿ ಸಲ್ಲಿಸಲು ಮೇ 15 ಕೊನೆಯ ದಿನಾಂಕವಾಗಿದ್ದು, ಅರ್ಜಿ ಸಲ್ಲಿಸುವ ಅಭ್ಯರ್ಥಿಯು 30 ಏಪ್ರಿಲ್ 2005 ರಿಂದ 29 ಏಪ್ರಿಲ್ 2008 ರ ನಡುವಿನ ಅವಧಿಯಲ್ಲಿ ಜನಿಸಿರಬೇಕು. ಅಭ್ಯರ್ಥಿಯ ಕನಿಷ್ಠ ವಿದ್ಯಾರ್ಹತೆ 10ನೇ ತರಗತಿಯ ಪರೀಕ್ಷೆಯಲ್ಲಿ ಉತ್ತೀರ್ಣರಾಗಿರಬೇಕು. ತರಬೇತಿ ನೀಡುವ ಸ್ಥಳ: ಭಾರತೀಯ ಸೇನೆ, ಇತರೆ ಯುನಿಫಾರ್ಮ್ ಸೇವೆಗಳಿಗೆ ಸೇರ ಬಯಸುವ ಅಭ್ಯರ್ಥಿಗಳಿಗೆ ಜಿಲ್ಲಾ ಕೇಂದ್ರಗಳಲ್ಲಿ ತರಬೇತಿ ನೀಡಲಾಗುವುದು. ಅರ್ಜಿ ನಮೂನೆಯನ್ನು ಕೊಪ್ಪಳ ಜಿಲ್ಲೆಯ ಹಿಂದುಳಿದ ವರ್ಗಗಳ ಕಲ್ಯಾಣಾಧಿಕಾರಿಗಳ ಕಛೇರಿಯಿಂದ ಪಡೆದು ಅರ್ಜಿ ಸಲ್ಲಿಸಬಹುದು. ಅರ್ಜಿ ನಮೂನೆಯನ್ನು ವೆಬ್‌ಸೈಟ್ https://bcwd.karnataka.gov.in/ ನಲ್ಲಿಯೂ ಪಡೆಯಬಹುದು. ಹೆಚ್ಚಿನ ಮಾಹಿತಿಗಾಗಿ ಸಹಾಯವಾಣಿ ಸಂಖ್ಯೆ: 08539-221606 ಗೆ ಸಂಪರ್ಕಿಸಬಹುದು ಎಂದು ಕೊಪ್ಪಳ ಹಿಂದುಳಿದ ವರ್ಗಗಳ ಕಲ್ಯಾಣ ಇಲಾಖೆಯ ಜಿಲ್ಲಾ ಅಧಿಕಾರಿಗಳು ಪ್ರಕಟಣೆಯಲ್ಲಿ ತಿಳಿಸಿದ್ದಾರೆ.
Printed by : B.Ramesh Uppar, Published by : B.Ramesh Uppar and Owned by: B.Ramesh Uppar, ,Printed at : SHREESHAILA PRINTERS, Eranna Gudi Opposite Road,
Eslampur, Gangavathi-581227 Koppal Dist. Karnataka. ,Published at : At Ward. No.21, Sadashiva Nagara, Near K.S.V. Rice Mill, B.M. Saw Mill, Siruguppa-583121 Dist.
Bellary, Karnataka Editor : B.Ramesh Uppar
